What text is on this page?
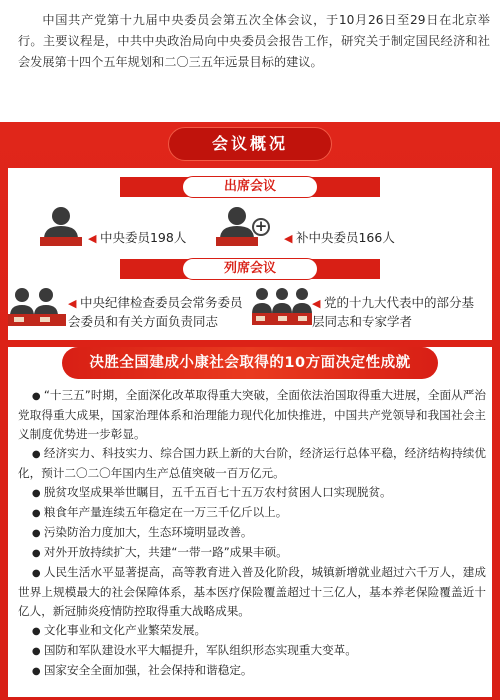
中国共产党第十九届中央委员会第五次全体会议，于10月26日至29日在北京举行。主要议程是，中共中央政治局向中央委员会报告工作，研究关于制定国民经济和社会发展第十四个五年规划和二〇三五年远景目标的建议。

会议概况
出席会议
◀ 中央委员198人
+
◀ 补中央委员166人
列席会议
◀ 中央纪律检查委员会常务委员会委员和有关方面负责同志
◀ 党的十九大代表中的部分基层同志和专家学者
决胜全国建成小康社会取得的10方面决定性成就

● “十三五”时期，全面深化改革取得重大突破，全面依法治国取得重大进展，全面从严治党取得重大成果，国家治理体系和治理能力现代化加快推进，中国共产党领导和我国社会主义制度优势进一步彰显。

● 经济实力、科技实力、综合国力跃上新的大台阶，经济运行总体平稳，经济结构持续优化，预计二〇二〇年国内生产总值突破一百万亿元。

● 脱贫攻坚成果举世瞩目，五千五百七十五万农村贫困人口实现脱贫。

● 粮食年产量连续五年稳定在一万三千亿斤以上。

● 污染防治力度加大，生态环境明显改善。

● 对外开放持续扩大，共建“一带一路”成果丰硕。

● 人民生活水平显著提高，高等教育进入普及化阶段，城镇新增就业超过六千万人，建成世界上规模最大的社会保障体系，基本医疗保险覆盖超过十三亿人，基本养老保险覆盖近十亿人，新冠肺炎疫情防控取得重大战略成果。

● 文化事业和文化产业繁荣发展。

● 国防和军队建设水平大幅提升，军队组织形态实现重大变革。

● 国家安全全面加强，社会保持和谐稳定。
